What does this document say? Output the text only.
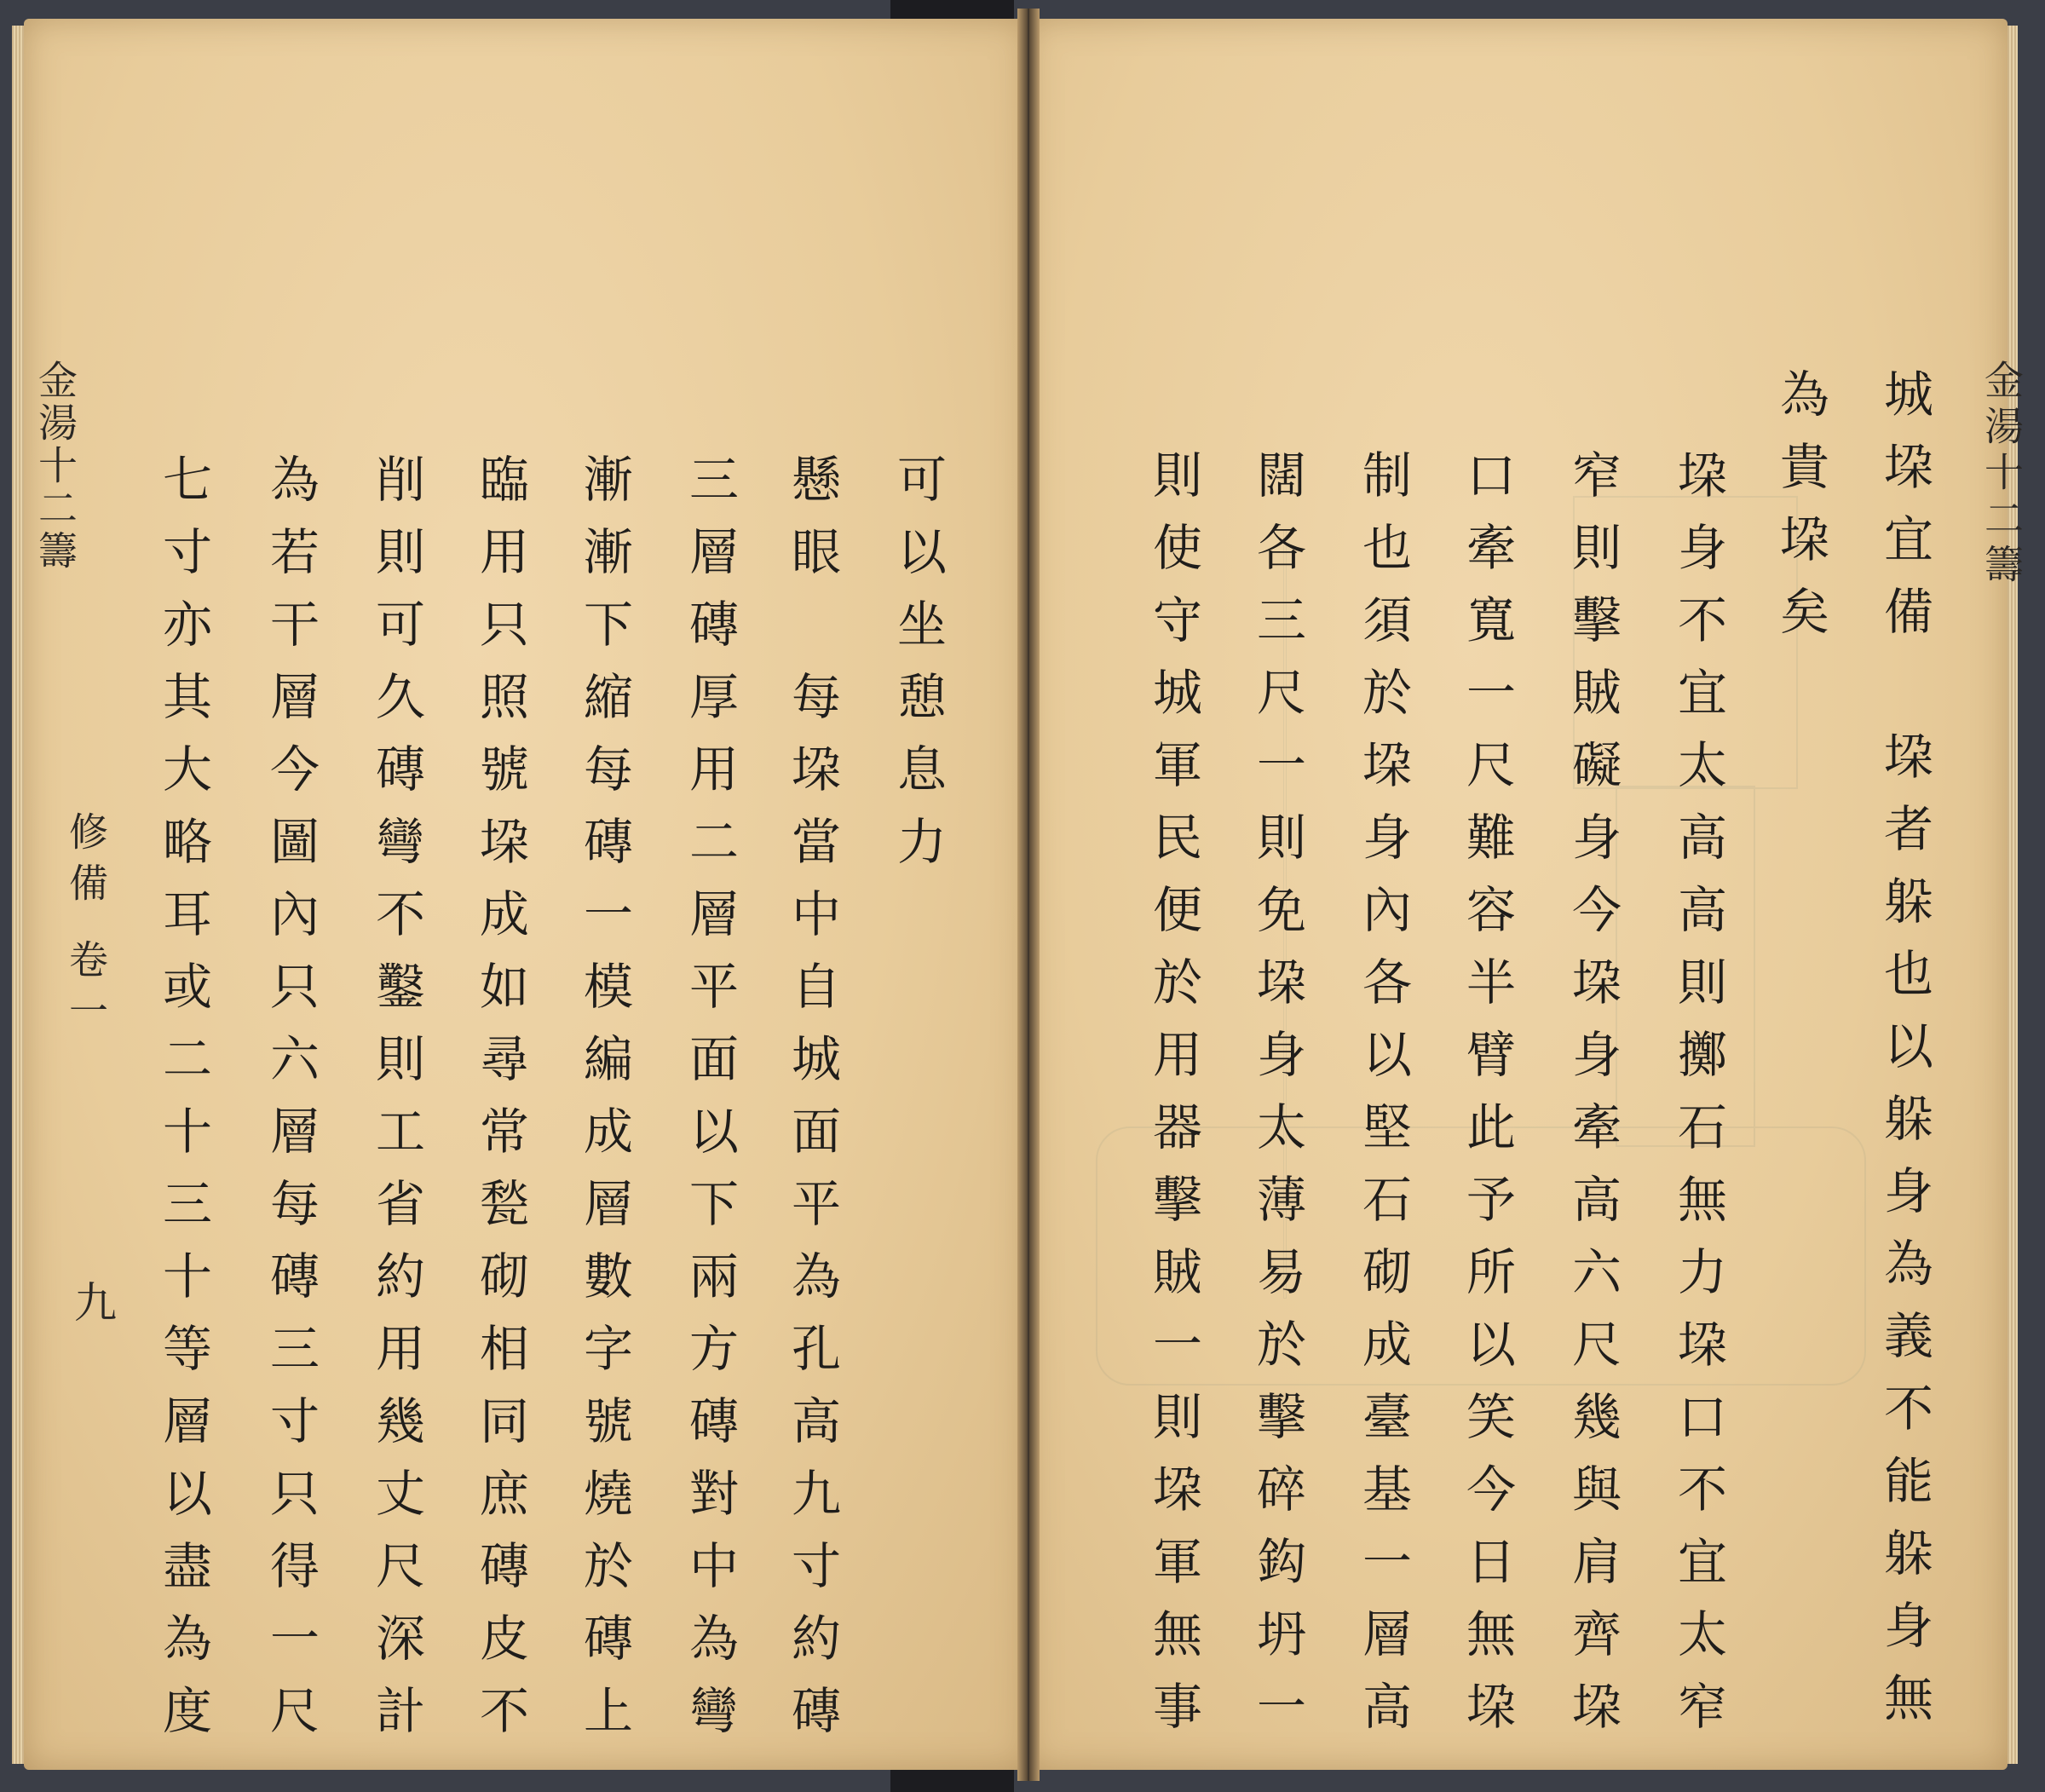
金湯十二籌
修備
卷一
九
可以坐憩息力
懸眼　每垜當中自城面平為孔高九寸約磚
三層磚厚用二層平面以下兩方磚對中為彎
漸漸下縮每磚一模編成層數字號燒於磚上
臨用只照號垜成如尋常甃砌相同庶磚皮不
削則可久磚彎不鑿則工省約用幾丈尺深計
為若干層今圖內只六層每磚三寸只得一尺
七寸亦其大略耳或二十三十等層以盡為度	金湯十二籌
城垜宜備　垜者躲也以躲身為義不能躲身無
為貴垜矣
垜身不宜太高高則擲石無力垜口不宜太窄
窄則擊賊礙身今垜身牽高六尺幾與肩齊垜
口牽寬一尺難容半臂此予所以笑今日無垜
制也須於垜身內各以堅石砌成臺基一層高
闊各三尺一則免垜身太薄易於擊碎鈎坍一
則使守城軍民便於用器擊賊一則垜軍無事
